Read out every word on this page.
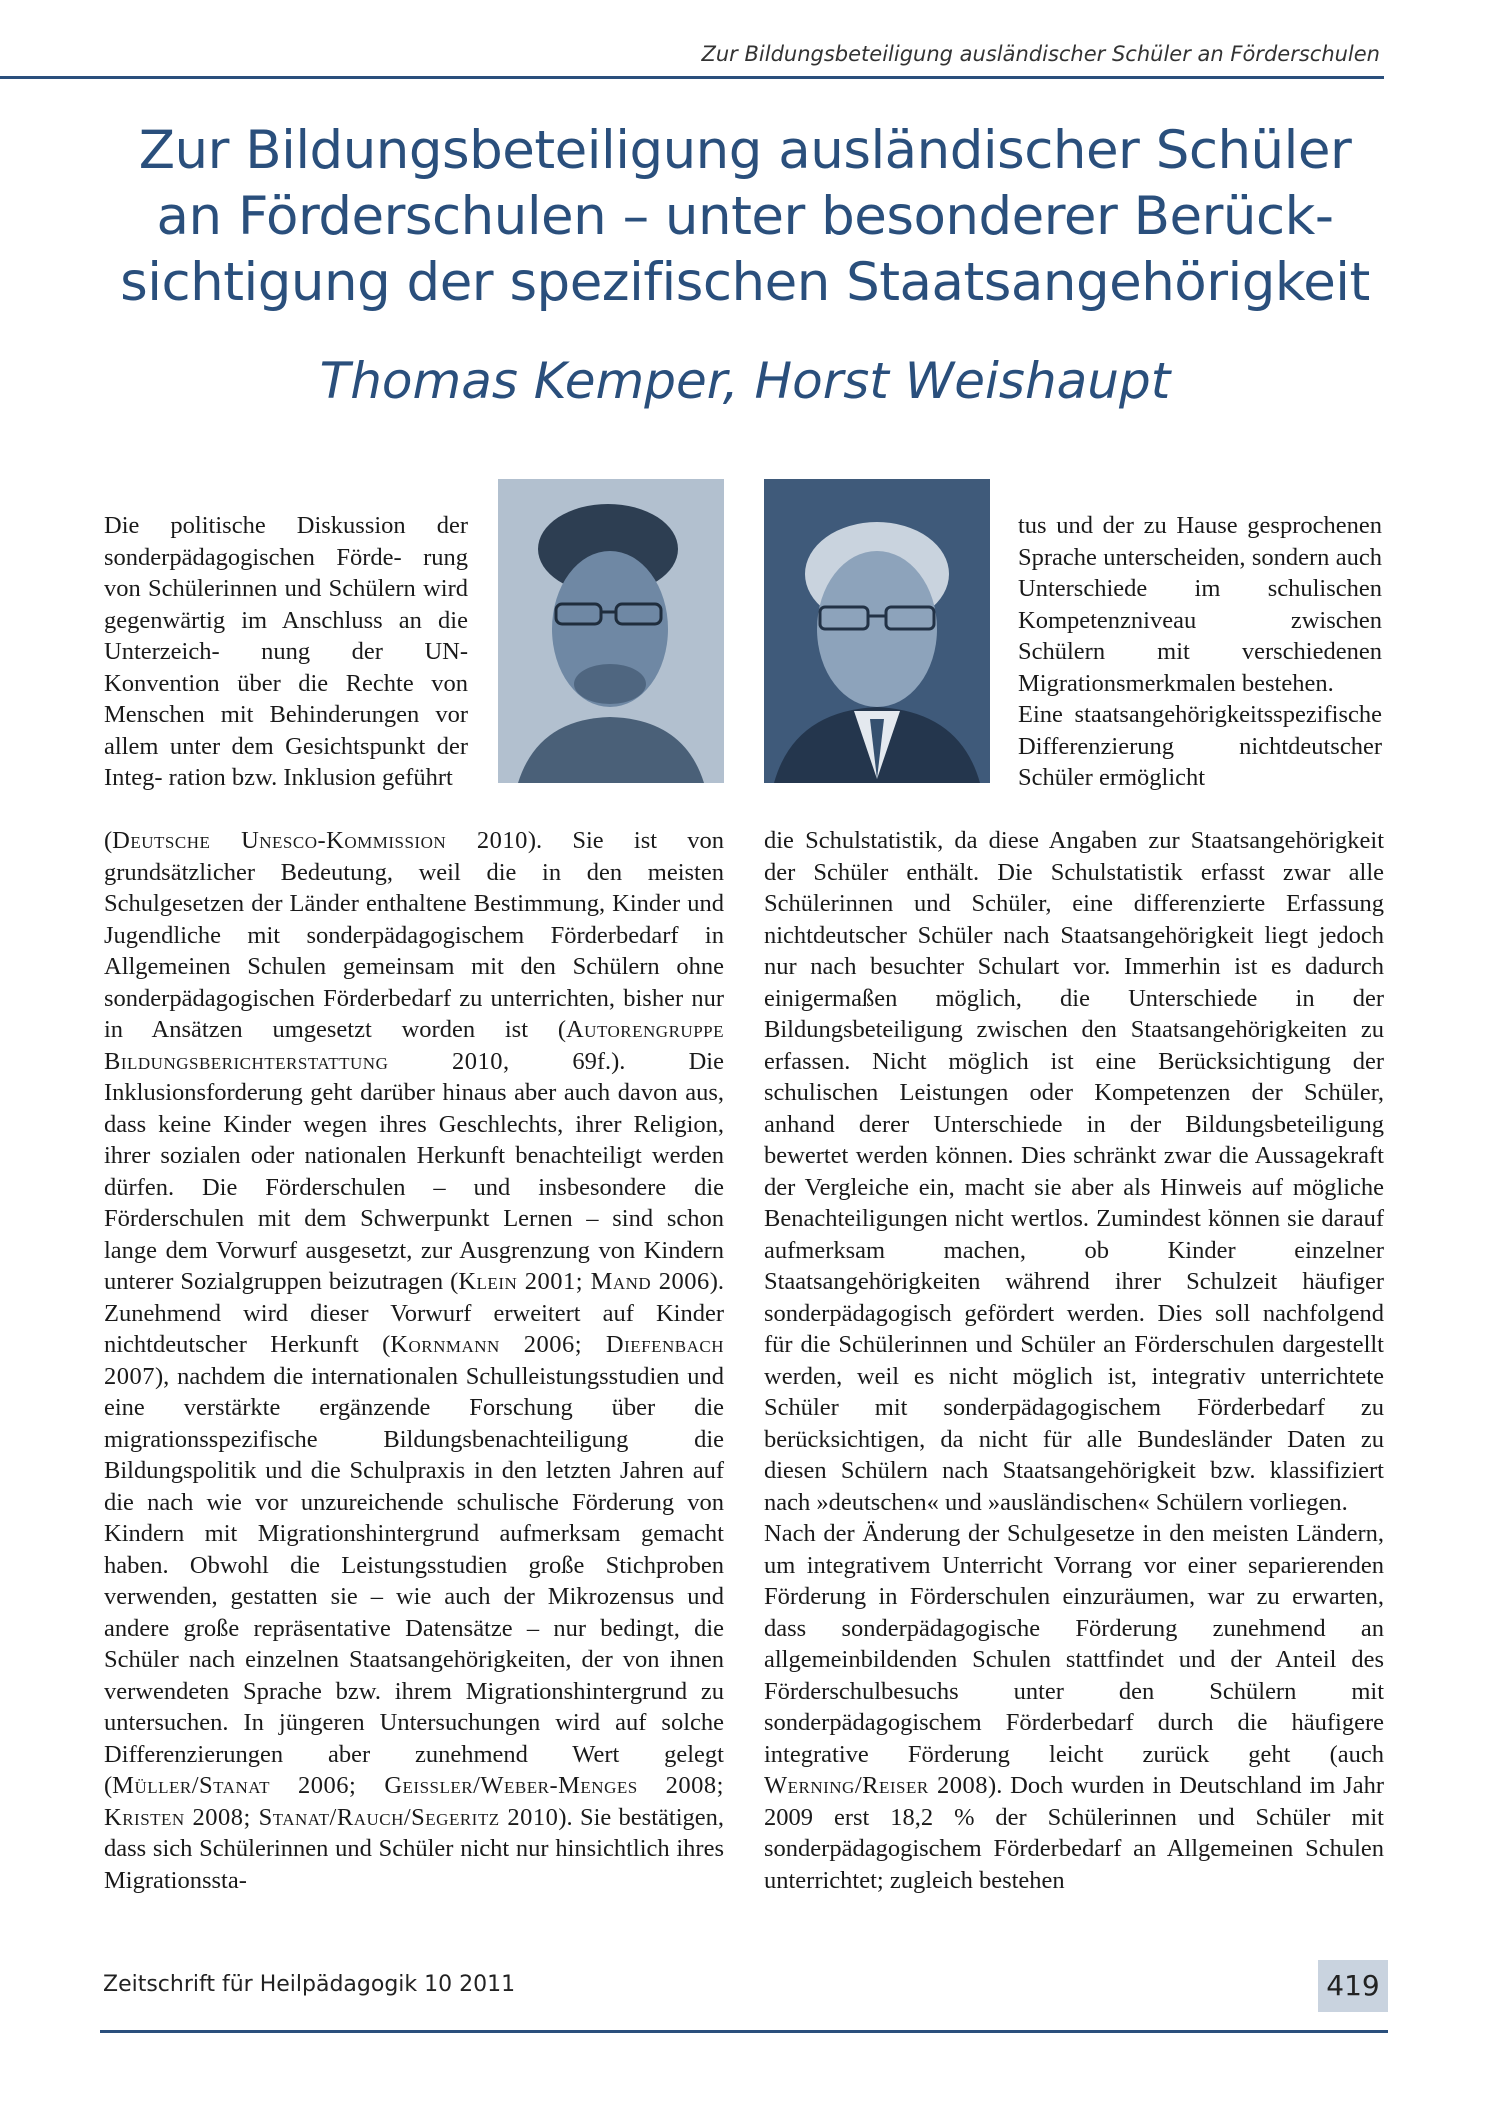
Zur Bildungsbeteiligung ausländischer Schüler an Förderschulen
Zur Bildungsbeteiligung ausländischer Schüler
an Förderschulen – unter besonderer Berück-
sichtigung der spezifischen Staatsangehörigkeit
Thomas Kemper, Horst Weishaupt

Die politische Diskussion der sonderpädagogischen Förde- rung von Schülerinnen und Schülern wird gegenwärtig im Anschluss an die Unterzeich- nung der UN-Konvention über die Rechte von Menschen mit Behinderungen vor allem unter dem Gesichtspunkt der Integ- ration bzw. Inklusion geführt

(Deutsche Unesco-Kommission 2010). Sie ist von grundsätzlicher Bedeutung, weil die in den meisten Schulgesetzen der Länder enthaltene Bestimmung, Kinder und Jugendliche mit sonderpädagogischem Förderbedarf in Allgemeinen Schulen gemeinsam mit den Schülern ohne sonderpädagogischen Förderbedarf zu unterrichten, bisher nur in Ansätzen umgesetzt worden ist (Autorengruppe Bildungsberichterstattung 2010, 69f.). Die Inklusionsforderung geht darüber hinaus aber auch davon aus, dass keine Kinder wegen ihres Geschlechts, ihrer Religion, ihrer sozialen oder nationalen Herkunft benachteiligt werden dürfen. Die Förderschulen – und insbesondere die Förderschulen mit dem Schwerpunkt Lernen – sind schon lange dem Vorwurf ausgesetzt, zur Ausgrenzung von Kindern unterer Sozialgruppen beizutragen (Klein 2001; Mand 2006). Zunehmend wird dieser Vorwurf erweitert auf Kinder nichtdeutscher Herkunft (Kornmann 2006; Diefenbach 2007), nachdem die internationalen Schulleistungsstudien und eine verstärkte ergänzende Forschung über die migrationsspezifische Bildungsbenachteiligung die Bildungspolitik und die Schulpraxis in den letzten Jahren auf die nach wie vor unzureichende schulische Förderung von Kindern mit Migrationshintergrund aufmerksam gemacht haben. Obwohl die Leistungsstudien große Stichproben verwenden, gestatten sie – wie auch der Mikrozensus und andere große repräsentative Datensätze – nur bedingt, die Schüler nach einzelnen Staatsangehörigkeiten, der von ihnen verwendeten Sprache bzw. ihrem Migrationshintergrund zu untersuchen. In jüngeren Untersuchungen wird auf solche Differenzierungen aber zunehmend Wert gelegt (Müller/Stanat 2006; Geissler/Weber-Menges 2008; Kristen 2008; Stanat/Rauch/Segeritz 2010). Sie bestätigen, dass sich Schülerinnen und Schüler nicht nur hinsichtlich ihres Migrationssta-

tus und der zu Hause gesprochenen Sprache unterscheiden, sondern auch Unterschiede im schulischen Kompetenzniveau zwischen Schülern mit verschiedenen Migrationsmerkmalen bestehen.

Eine staatsangehörigkeitsspezifische Differenzierung nichtdeutscher Schüler ermöglicht

die Schulstatistik, da diese Angaben zur Staatsangehörigkeit der Schüler enthält. Die Schulstatistik erfasst zwar alle Schülerinnen und Schüler, eine differenzierte Erfassung nichtdeutscher Schüler nach Staatsangehörigkeit liegt jedoch nur nach besuchter Schulart vor. Immerhin ist es dadurch einigermaßen möglich, die Unterschiede in der Bildungsbeteiligung zwischen den Staatsangehörigkeiten zu erfassen. Nicht möglich ist eine Berücksichtigung der schulischen Leistungen oder Kompetenzen der Schüler, anhand derer Unterschiede in der Bildungsbeteiligung bewertet werden können. Dies schränkt zwar die Aussagekraft der Vergleiche ein, macht sie aber als Hinweis auf mögliche Benachteiligungen nicht wertlos. Zumindest können sie darauf aufmerksam machen, ob Kinder einzelner Staatsangehörigkeiten während ihrer Schulzeit häufiger sonderpädagogisch gefördert werden. Dies soll nachfolgend für die Schülerinnen und Schüler an Förderschulen dargestellt werden, weil es nicht möglich ist, integrativ unterrichtete Schüler mit sonderpädagogischem Förderbedarf zu berücksichtigen, da nicht für alle Bundesländer Daten zu diesen Schülern nach Staatsangehörigkeit bzw. klassifiziert nach »deutschen« und »ausländischen« Schülern vorliegen.

Nach der Änderung der Schulgesetze in den meisten Ländern, um integrativem Unterricht Vorrang vor einer separierenden Förderung in Förderschulen einzuräumen, war zu erwarten, dass sonderpädagogische Förderung zunehmend an allgemeinbildenden Schulen stattfindet und der Anteil des Förderschulbesuchs unter den Schülern mit sonderpädagogischem Förderbedarf durch die häufigere integrative Förderung leicht zurück geht (auch Werning/Reiser 2008). Doch wurden in Deutschland im Jahr 2009 erst 18,2 % der Schülerinnen und Schüler mit sonderpädagogischem Förderbedarf an Allgemeinen Schulen unterrichtet; zugleich bestehen

Zeitschrift für Heilpädagogik 10 2011	419
